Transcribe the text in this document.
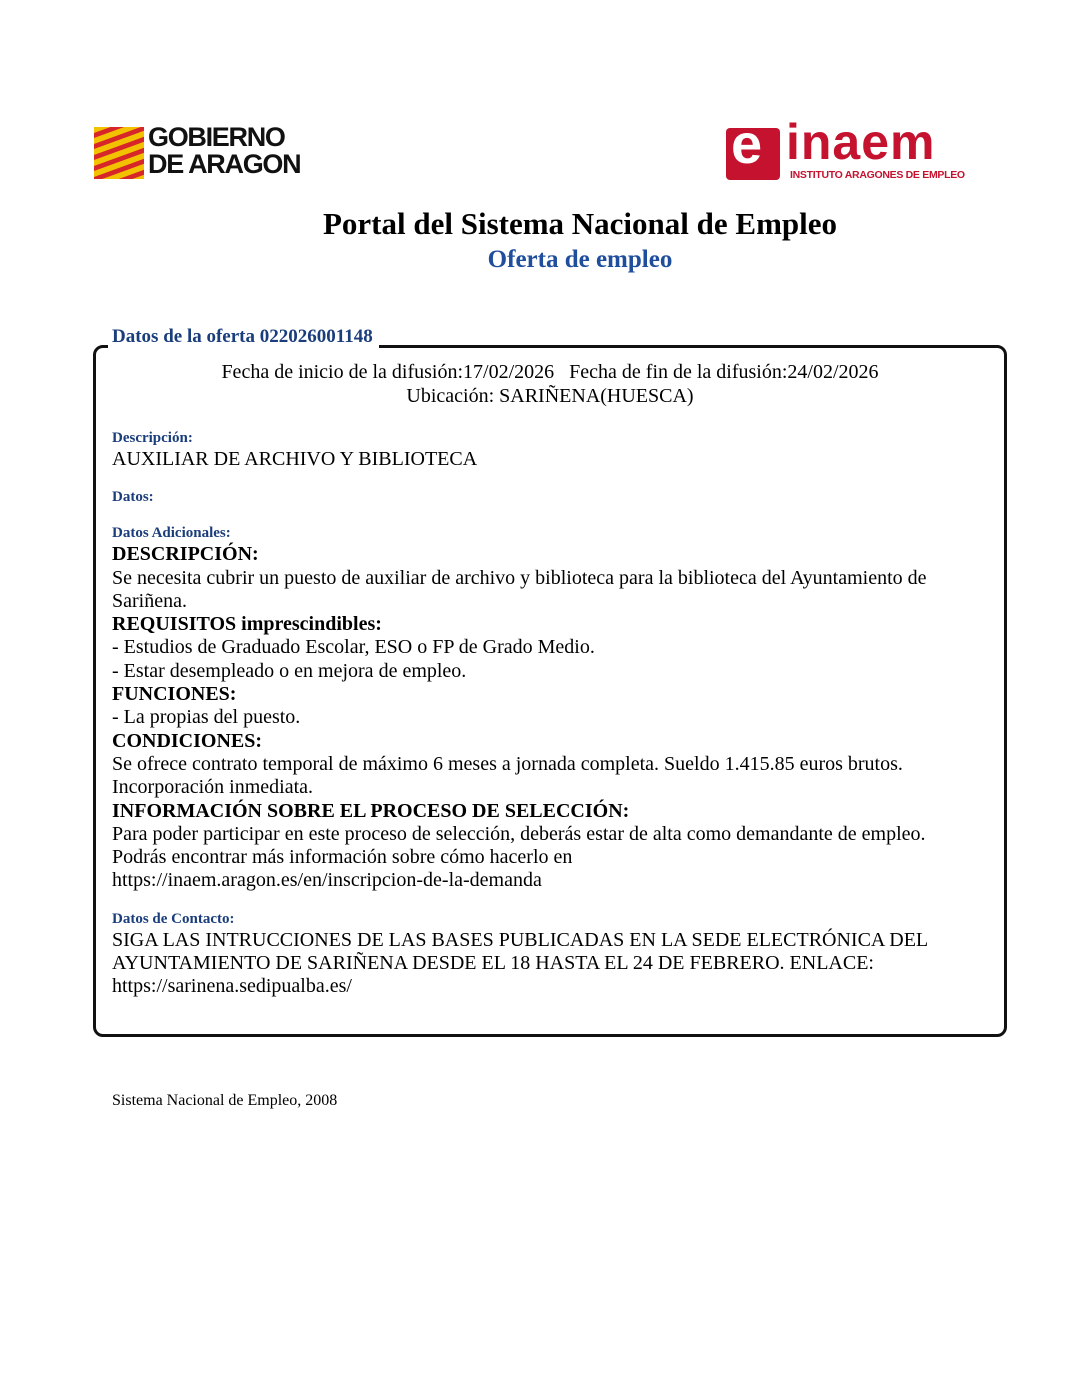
GOBIERNO
DE ARAGON	e inaem
INSTITUTO ARAGONES DE EMPLEO
Portal del Sistema Nacional de Empleo
Oferta de empleo
Datos de la oferta 022026001148
Fecha de inicio de la difusión:17/02/2026   Fecha de fin de la difusión:24/02/2026
Ubicación: SARIÑENA(HUESCA)
Descripción:
AUXILIAR DE ARCHIVO Y BIBLIOTECA
Datos:
Datos Adicionales:
DESCRIPCIÓN:
Se necesita cubrir un puesto de auxiliar de archivo y biblioteca para la biblioteca del Ayuntamiento de Sariñena.
REQUISITOS imprescindibles:
- Estudios de Graduado Escolar, ESO o FP de Grado Medio.
- Estar desempleado o en mejora de empleo.
FUNCIONES:
- La propias del puesto.
CONDICIONES:
Se ofrece contrato temporal de máximo 6 meses a jornada completa. Sueldo 1.415.85 euros brutos. Incorporación inmediata.
INFORMACIÓN SOBRE EL PROCESO DE SELECCIÓN:
Para poder participar en este proceso de selección, deberás estar de alta como demandante de empleo.
Podrás encontrar más información sobre cómo hacerlo en
https://inaem.aragon.es/en/inscripcion-de-la-demanda
Datos de Contacto:
SIGA LAS INTRUCCIONES DE LAS BASES PUBLICADAS EN LA SEDE ELECTRÓNICA DEL AYUNTAMIENTO DE SARIÑENA DESDE EL 18 HASTA EL 24 DE FEBRERO. ENLACE:
https://sarinena.sedipualba.es/
Sistema Nacional de Empleo, 2008
